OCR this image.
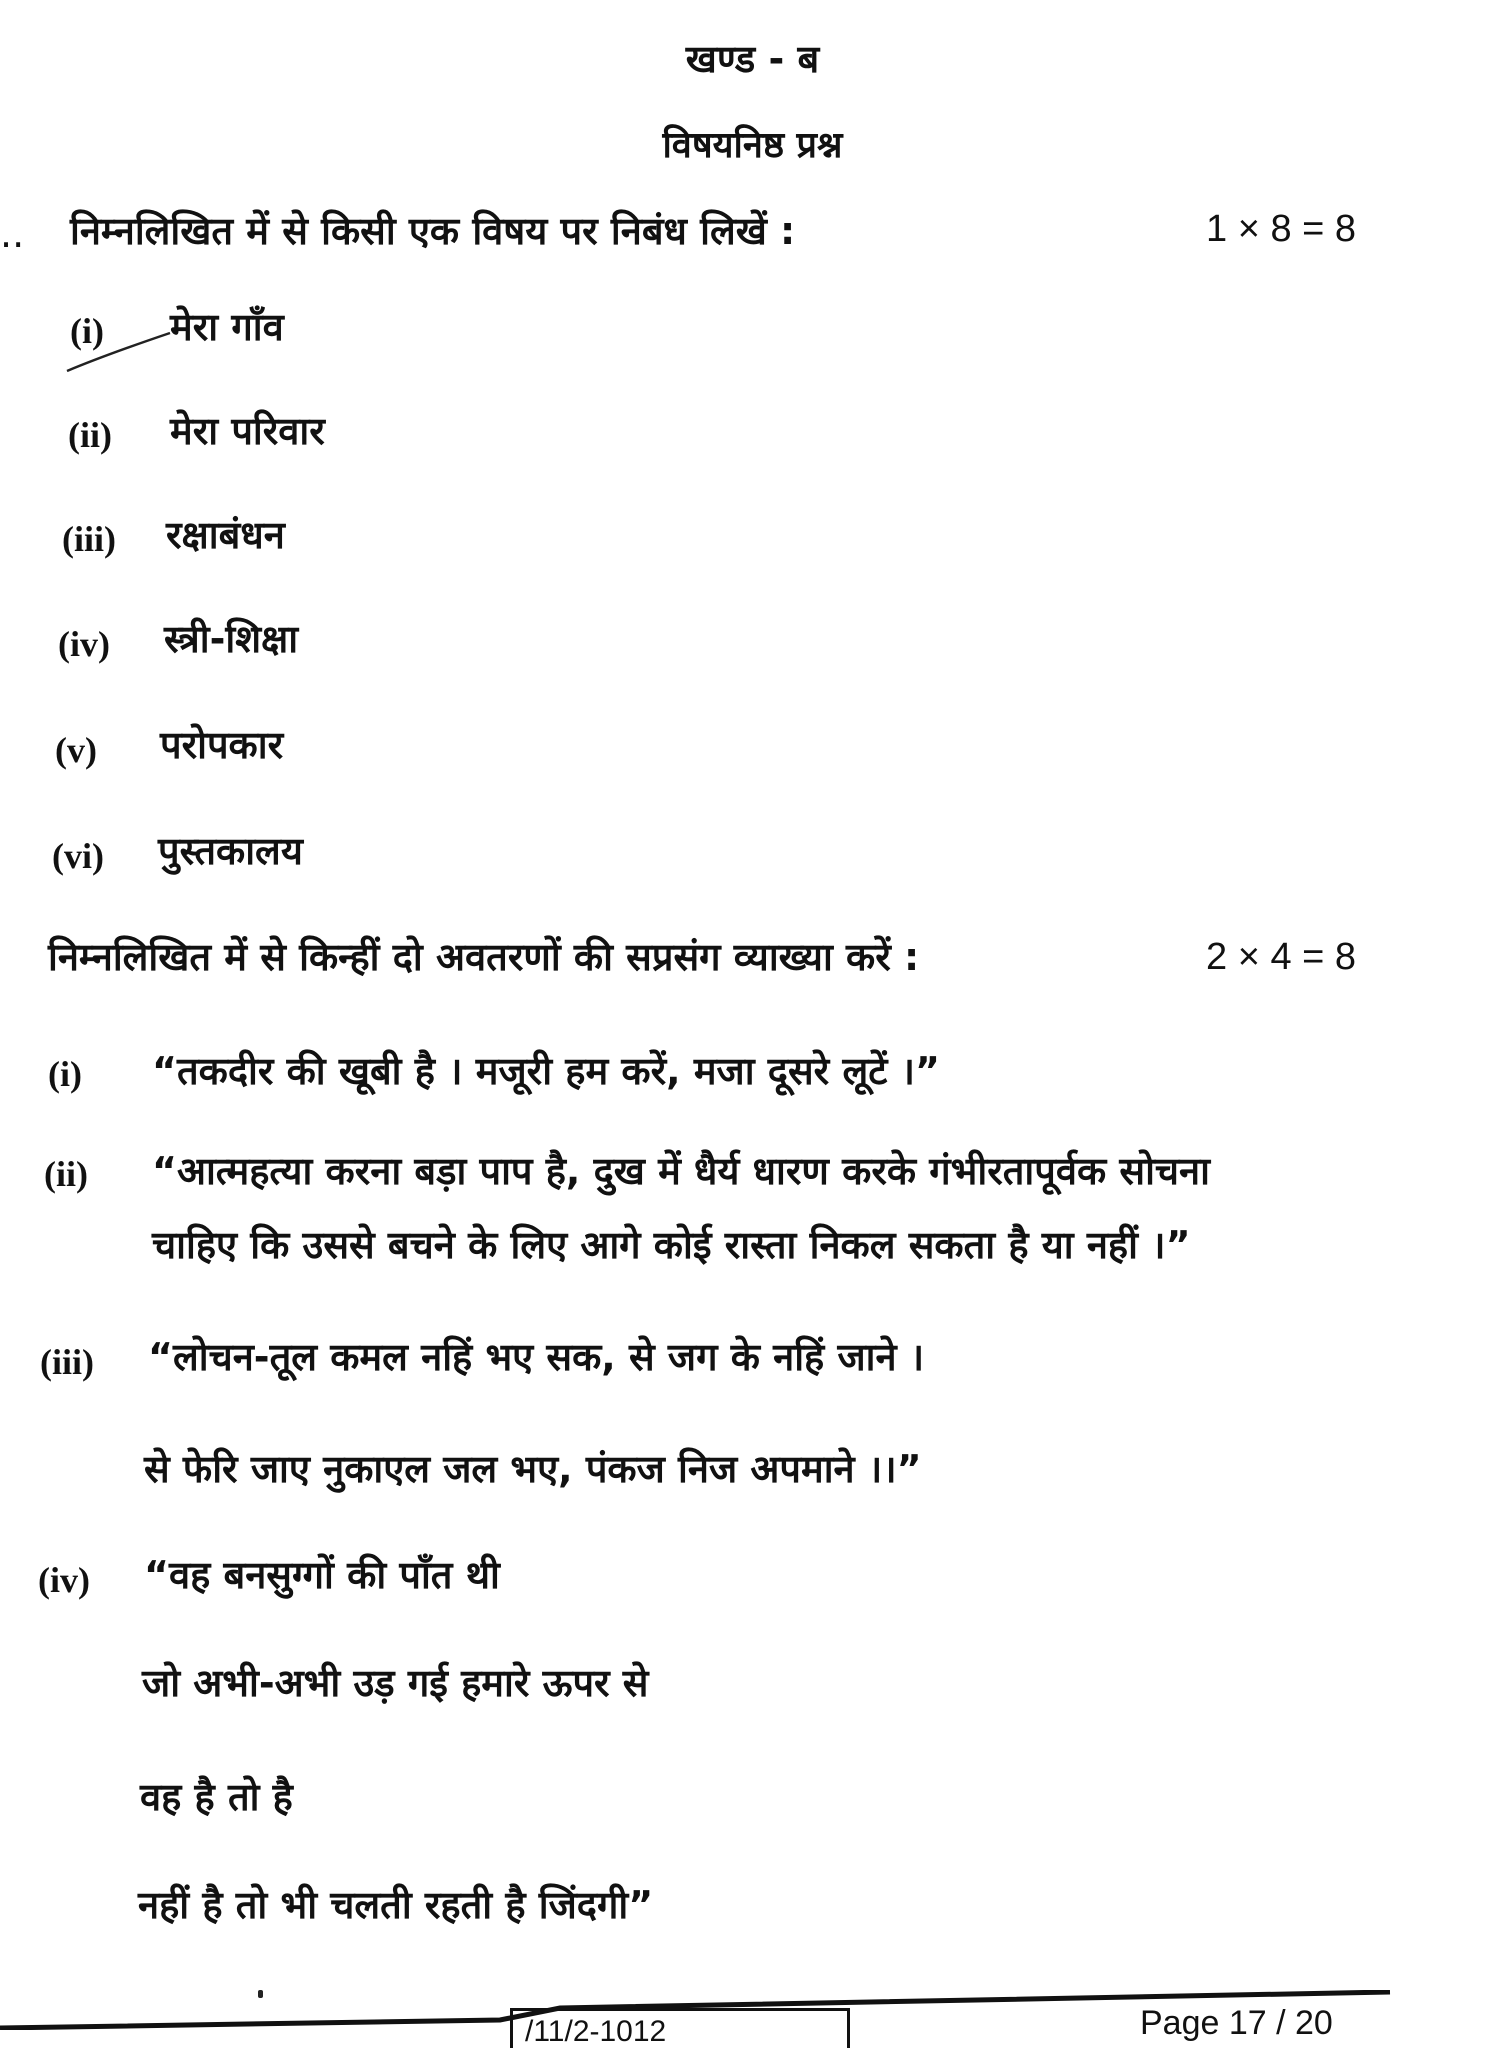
खण्ड - ब
विषयनिष्ठ प्रश्न
.. निम्नलिखित में से किसी एक विषय पर निबंध लिखें :	1 × 8 = 8
(i) मेरा गाँव
(ii) मेरा परिवार
(iii) रक्षाबंधन
(iv) स्त्री-शिक्षा
(v) परोपकार
(vi) पुस्तकालय
निम्नलिखित में से किन्हीं दो अवतरणों की सप्रसंग व्याख्या करें :	2 × 4 = 8
(i) “तकदीर की खूबी है । मजूरी हम करें, मजा दूसरे लूटें ।”
(ii) “आत्महत्या करना बड़ा पाप है, दुख में धैर्य धारण करके गंभीरतापूर्वक सोचना
चाहिए कि उससे बचने के लिए आगे कोई रास्ता निकल सकता है या नहीं ।”
(iii) “लोचन-तूल कमल नहिं भए सक, से जग के नहिं जाने ।
से फेरि जाए नुकाएल जल भए, पंकज निज अपमाने ।।”
(iv) “वह बनसुग्गों की पाँत थी
जो अभी-अभी उड़ गई हमारे ऊपर से
वह है तो है
नहीं है तो भी चलती रहती है जिंदगी”
/11/2-1012	Page 17 / 20
